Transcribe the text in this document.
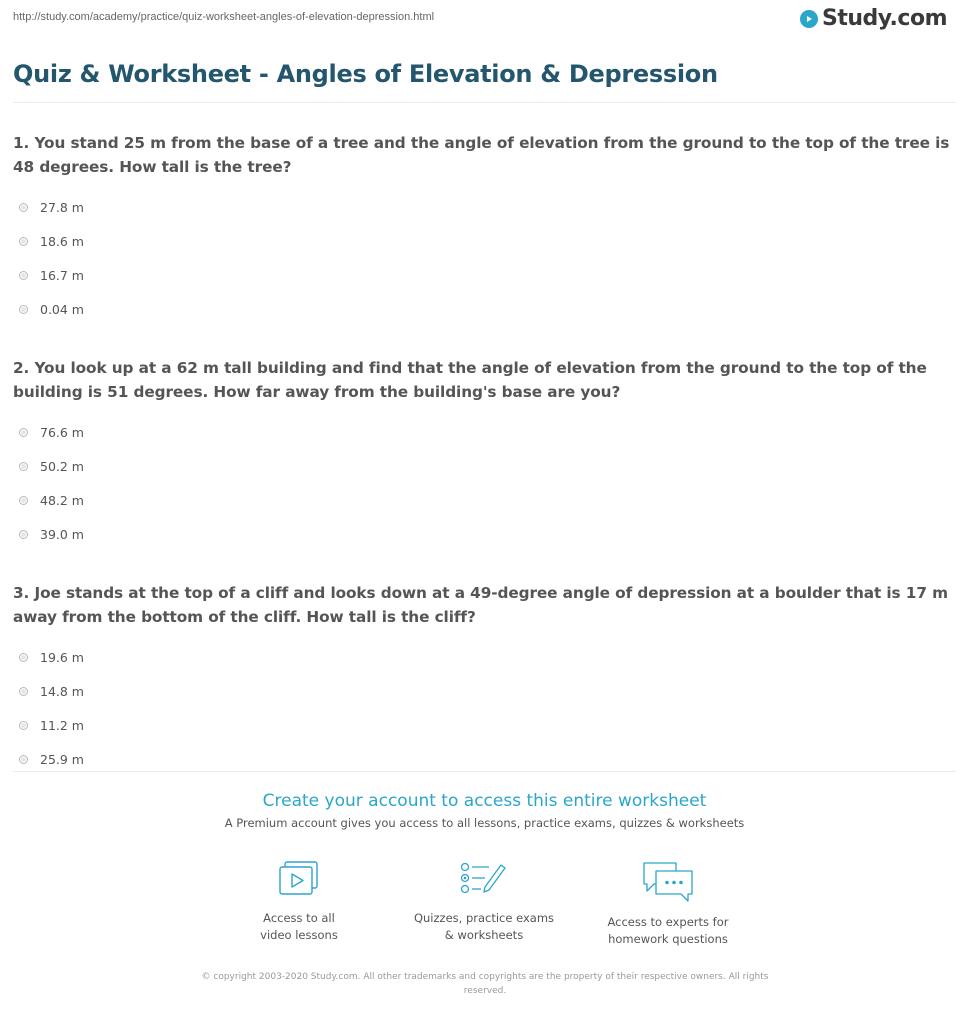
http://study.com/academy/practice/quiz-worksheet-angles-of-elevation-depression.html	Study.com
Quiz & Worksheet - Angles of Elevation & Depression
1. You stand 25 m from the base of a tree and the angle of elevation from the ground to the top of the tree is 48 degrees. How tall is the tree?
27.8 m
18.6 m
16.7 m
0.04 m
2. You look up at a 62 m tall building and find that the angle of elevation from the ground to the top of the building is 51 degrees. How far away from the building's base are you?
76.6 m
50.2 m
48.2 m
39.0 m
3. Joe stands at the top of a cliff and looks down at a 49-degree angle of depression at a boulder that is 17 m away from the bottom of the cliff. How tall is the cliff?
19.6 m
14.8 m
11.2 m
25.9 m
Create your account to access this entire worksheet
A Premium account gives you access to all lessons, practice exams, quizzes & worksheets
Access to all
video lessons
Quizzes, practice exams
& worksheets
Access to experts for
homework questions
© copyright 2003-2020 Study.com. All other trademarks and copyrights are the property of their respective owners. All rights reserved.
